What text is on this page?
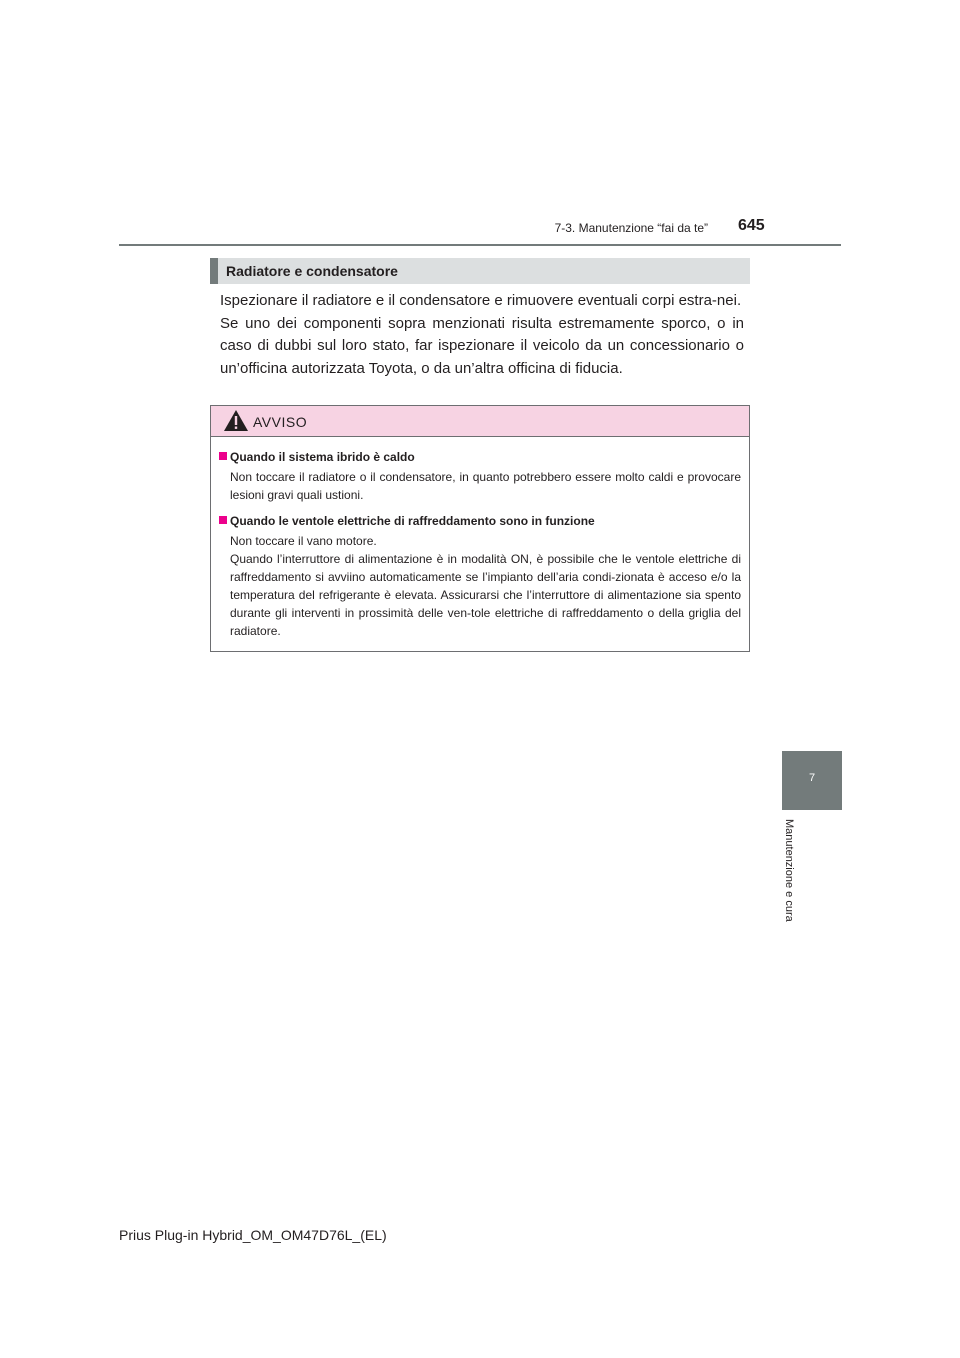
7-3. Manutenzione “fai da te” 645
Radiatore e condensatore

Ispezionare il radiatore e il condensatore e rimuovere eventuali corpi estra-nei.

Se uno dei componenti sopra menzionati risulta estremamente sporco, o in caso di dubbi sul loro stato, far ispezionare il veicolo da un concessionario o un’officina autorizzata Toyota, o da un’altra officina di fiducia.

AVVISO

Quando il sistema ibrido è caldo

Non toccare il radiatore o il condensatore, in quanto potrebbero essere molto caldi e provocare lesioni gravi quali ustioni.

Quando le ventole elettriche di raffreddamento sono in funzione

Non toccare il vano motore.

Quando l’interruttore di alimentazione è in modalità ON, è possibile che le ventole elettriche di raffreddamento si avviino automaticamente se l’impianto dell’aria condi-zionata è acceso e/o la temperatura del refrigerante è elevata. Assicurarsi che l’interruttore di alimentazione sia spento durante gli interventi in prossimità delle ven-tole elettriche di raffreddamento o della griglia del radiatore.

7
Manutenzione e cura
Prius Plug-in Hybrid_OM_OM47D76L_(EL)
